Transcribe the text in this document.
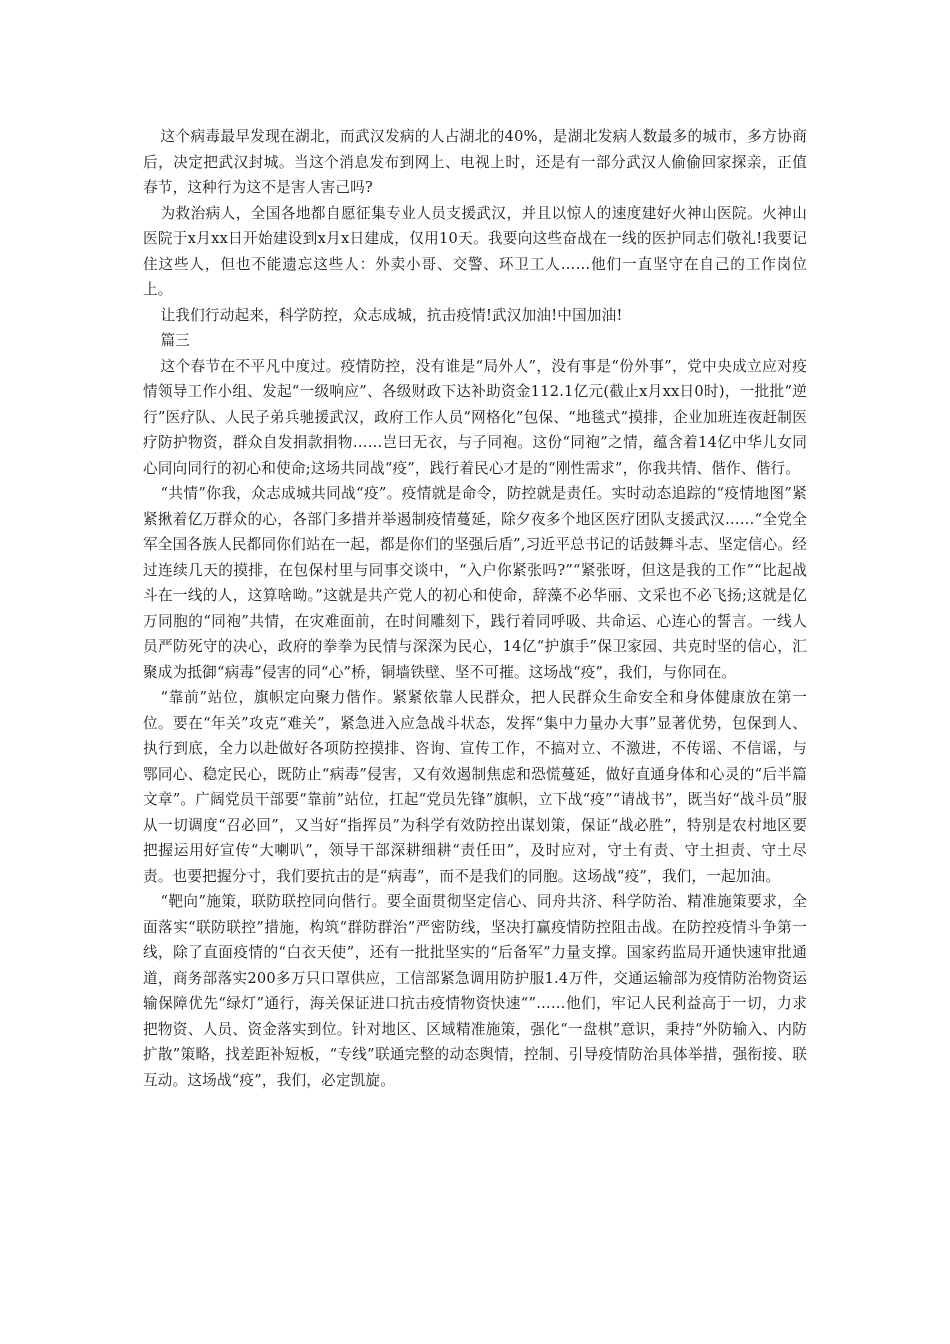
这个病毒最早发现在湖北，而武汉发病的人占湖北的40%，是湖北发病人数最多的城市，多方协商后，决定把武汉封城。当这个消息发布到网上、电视上时，还是有一部分武汉人偷偷回家探亲，正值春节，这种行为这不是害人害己吗?

为救治病人，全国各地都自愿征集专业人员支援武汉，并且以惊人的速度建好火神山医院。火神山医院于x月xx日开始建设到x月x日建成，仅用10天。我要向这些奋战在一线的医护同志们敬礼!我要记住这些人，但也不能遗忘这些人：外卖小哥、交警、环卫工人……他们一直坚守在自己的工作岗位上。

让我们行动起来，科学防控，众志成城，抗击疫情!武汉加油!中国加油!

篇三

这个春节在不平凡中度过。疫情防控，没有谁是“局外人”，没有事是“份外事”，党中央成立应对疫情领导工作小组、发起“一级响应”、各级财政下达补助资金112.1亿元(截止x月xx日0时)，一批批“逆行”医疗队、人民子弟兵驰援武汉，政府工作人员“网格化”包保、“地毯式”摸排，企业加班连夜赶制医疗防护物资，群众自发捐款捐物……岂曰无衣，与子同袍。这份“同袍”之情，蕴含着14亿中华儿女同心同向同行的初心和使命;这场共同战“疫”，践行着民心才是的“刚性需求”，你我共情、偕作、偕行。

“共情”你我，众志成城共同战“疫”。疫情就是命令，防控就是责任。实时动态追踪的“疫情地图”紧紧揪着亿万群众的心，各部门多措并举遏制疫情蔓延，除夕夜多个地区医疗团队支援武汉……“全党全军全国各族人民都同你们站在一起，都是你们的坚强后盾”,习近平总书记的话鼓舞斗志、坚定信心。经过连续几天的摸排，在包保村里与同事交谈中，“入户你紧张吗?”“紧张呀，但这是我的工作”“比起战斗在一线的人，这算啥呦。”这就是共产党人的初心和使命，辞藻不必华丽、文采也不必飞扬;这就是亿万同胞的“同袍”共情，在灾难面前，在时间雕刻下，践行着同呼吸、共命运、心连心的誓言。一线人员严防死守的决心，政府的拳拳为民情与深深为民心，14亿“护旗手”保卫家园、共克时坚的信心，汇聚成为抵御“病毒”侵害的同“心”桥，铜墙铁壁、坚不可摧。这场战“疫”，我们，与你同在。

“靠前”站位，旗帜定向聚力偕作。紧紧依靠人民群众，把人民群众生命安全和身体健康放在第一位。要在“年关”攻克“难关”，紧急进入应急战斗状态，发挥“集中力量办大事”显著优势，包保到人、执行到底，全力以赴做好各项防控摸排、咨询、宣传工作，不搞对立、不激进，不传谣、不信谣，与鄂同心、稳定民心，既防止“病毒”侵害，又有效遏制焦虑和恐慌蔓延，做好直通身体和心灵的“后半篇文章”。广阔党员干部要“靠前”站位，扛起“党员先锋”旗帜，立下战“疫”“请战书”，既当好“战斗员”服从一切调度“召必回”，又当好“指挥员”为科学有效防控出谋划策，保证“战必胜”，特别是农村地区要把握运用好宣传“大喇叭”，领导干部深耕细耕“责任田”，及时应对，守土有责、守土担责、守土尽责。也要把握分寸，我们要抗击的是“病毒”，而不是我们的同胞。这场战“疫”，我们，一起加油。

“靶向”施策，联防联控同向偕行。要全面贯彻坚定信心、同舟共济、科学防治、精准施策要求，全面落实“联防联控”措施，构筑“群防群治”严密防线，坚决打赢疫情防控阻击战。在防控疫情斗争第一线，除了直面疫情的“白衣天使”，还有一批批坚实的“后备军”力量支撑。国家药监局开通快速审批通道，商务部落实200多万只口罩供应，工信部紧急调用防护服1.4万件，交通运输部为疫情防治物资运输保障优先“绿灯”通行，海关保证进口抗击疫情物资快速“”……他们，牢记人民利益高于一切，力求把物资、人员、资金落实到位。针对地区、区域精准施策，强化“一盘棋”意识，秉持“外防输入、内防扩散”策略，找差距补短板，“专线”联通完整的动态舆情，控制、引导疫情防治具体举措，强衔接、联互动。这场战“疫”，我们，必定凯旋。
